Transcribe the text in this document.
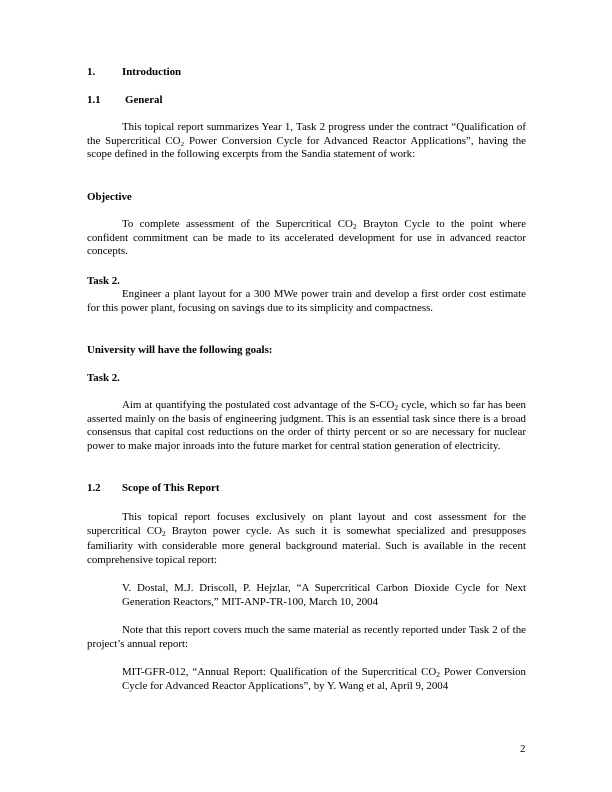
1. Introduction
1.1 General

This topical report summarizes Year 1, Task 2 progress under the contract “Qualification of the Supercritical CO₂ Power Conversion Cycle for Advanced Reactor Applications”, having the scope defined in the following excerpts from the Sandia statement of work:

Objective

To complete assessment of the Supercritical $CO_2$ Brayton Cycle to the point where confident commitment can be made to its accelerated development for use in advanced reactor concepts.

Task 2.

Engineer a plant layout for a 300 MWe power train and develop a first order cost estimate for this power plant, focusing on savings due to its simplicity and compactness.

University will have the following goals:
Task 2.

Aim at quantifying the postulated cost advantage of the $S-CO_2$ cycle, which so far has been asserted mainly on the basis of engineering judgment. This is an essential task since there is a broad consensus that capital cost reductions on the order of thirty percent or so are necessary for nuclear power to make major inroads into the future market for central station generation of electricity.

1.2 Scope of This Report

This topical report focuses exclusively on plant layout and cost assessment for the supercritical $CO_2$ Brayton power cycle. As such it is somewhat specialized and presupposes familiarity with considerable more general background material. Such is available in the recent comprehensive topical report:

V. Dostal, M.J. Driscoll, P. Hejzlar, “A Supercritical Carbon Dioxide Cycle for Next Generation Reactors,” MIT-ANP-TR-100, March 10, 2004

Note that this report covers much the same material as recently reported under Task 2 of the project’s annual report:

MIT-GFR-012, “Annual Report: Qualification of the Supercritical $CO_2$ Power Conversion Cycle for Advanced Reactor Applications”, by Y. Wang et al, April 9, 2004

2
